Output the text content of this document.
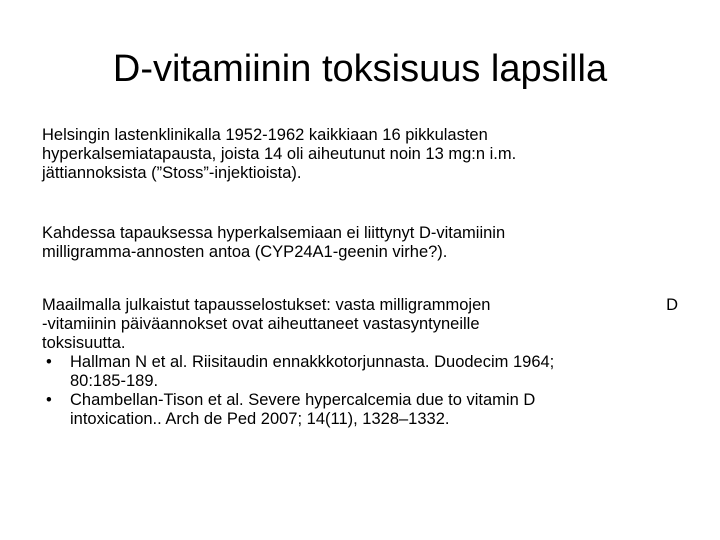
D-vitamiinin toksisuus lapsilla
Helsingin lastenklinikalla 1952-1962 kaikkiaan 16 pikkulasten
hyperkalsemiatapausta, joista 14 oli aiheutunut noin 13 mg:n i.m.
jättiannoksista (”Stoss”-injektioista).
Kahdessa tapauksessa hyperkalsemiaan ei liittynyt D-vitamiinin
milligramma-annosten antoa (CYP24A1-geenin virhe?).
Maailmalla julkaistut tapausselostukset: vasta milligrammojen	D
-vitamiinin päiväannokset ovat aiheuttaneet vastasyntyneille
toksisuutta.
• Hallman N et al. Riisitaudin ennakkkotorjunnasta. Duodecim 1964;
80:185-189.
• Chambellan-Tison et al. Severe hypercalcemia due to vitamin D
intoxication.. Arch de Ped 2007; 14(11), 1328–1332.
